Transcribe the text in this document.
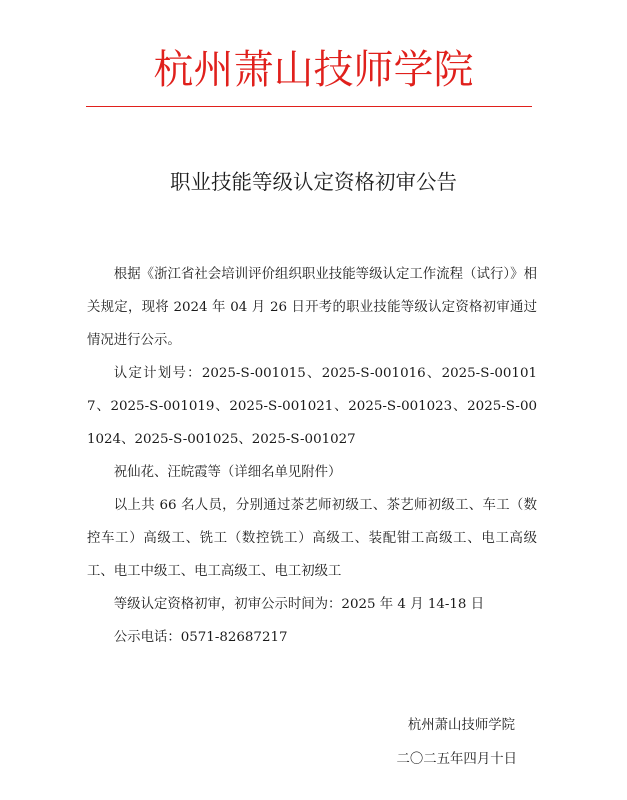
杭州萧山技师学院
职业技能等级认定资格初审公告

根据《浙江省社会培训评价组织职业技能等级认定工作流程（试行）》相关规定，现将 2024 年 04 月 26 日开考的职业技能等级认定资格初审通过情况进行公示。

认定计划号：2025-S-001015、2025-S-001016、2025-S-001017、2025-S-001019、2025-S-001021、2025-S-001023、2025-S-001024、2025-S-001025、2025-S-001027

祝仙花、汪皖霞等（详细名单见附件）

以上共 66 名人员，分别通过茶艺师初级工、茶艺师初级工、车工（数控车工）高级工、铣工（数控铣工）高级工、装配钳工高级工、电工高级工、电工中级工、电工高级工、电工初级工

等级认定资格初审，初审公示时间为：2025 年 4 月 14-18 日

公示电话：0571-82687217

杭州萧山技师学院
二〇二五年四月十日
